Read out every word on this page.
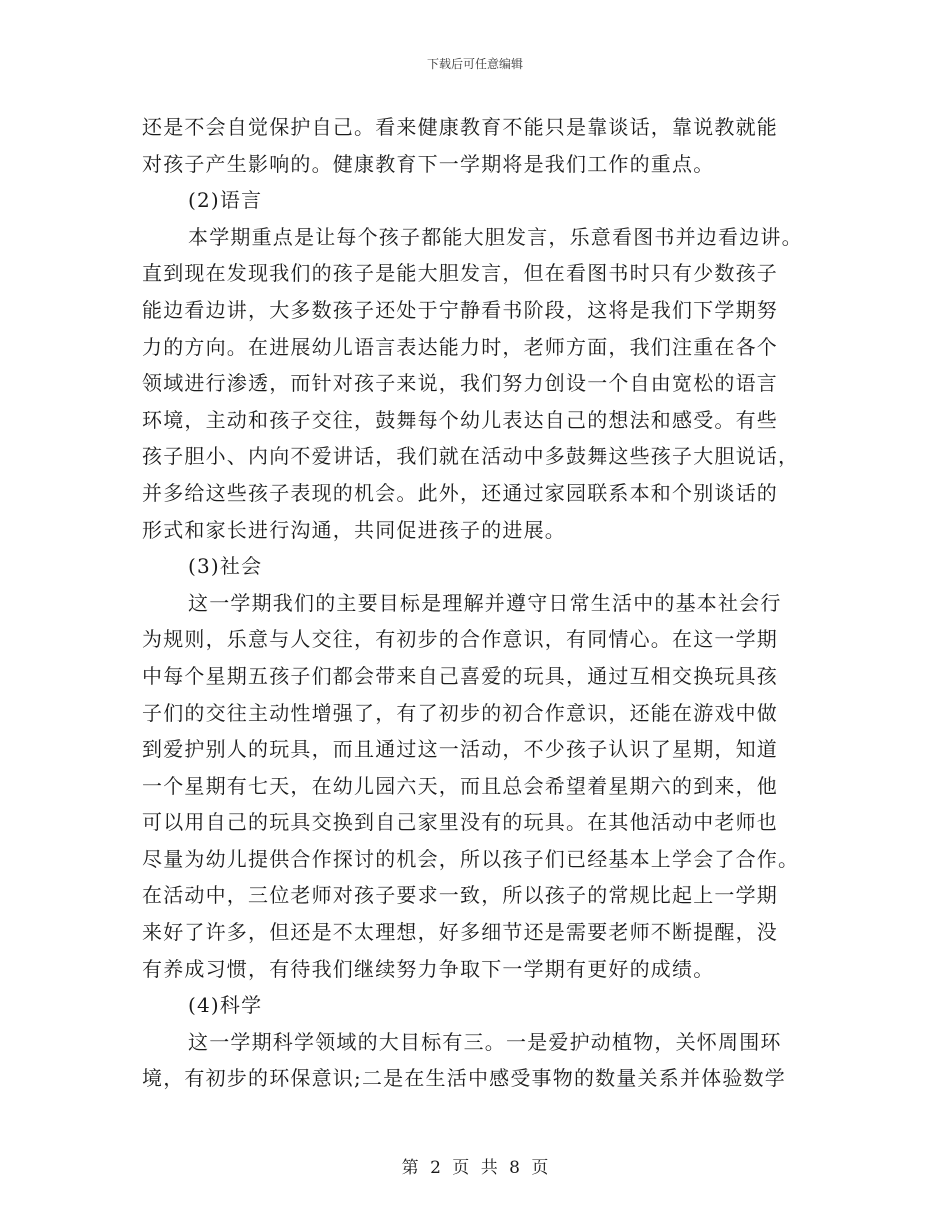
下载后可任意编辑
还是不会自觉保护自己。看来健康教育不能只是靠谈话，靠说教就能
对孩子产生影响的。健康教育下一学期将是我们工作的重点。
(2)语言
本学期重点是让每个孩子都能大胆发言，乐意看图书并边看边讲。
直到现在发现我们的孩子是能大胆发言，但在看图书时只有少数孩子
能边看边讲，大多数孩子还处于宁静看书阶段，这将是我们下学期努
力的方向。在进展幼儿语言表达能力时，老师方面，我们注重在各个
领域进行渗透，而针对孩子来说，我们努力创设一个自由宽松的语言
环境，主动和孩子交往，鼓舞每个幼儿表达自己的想法和感受。有些
孩子胆小、内向不爱讲话，我们就在活动中多鼓舞这些孩子大胆说话，
并多给这些孩子表现的机会。此外，还通过家园联系本和个别谈话的
形式和家长进行沟通，共同促进孩子的进展。
(3)社会
这一学期我们的主要目标是理解并遵守日常生活中的基本社会行
为规则，乐意与人交往，有初步的合作意识，有同情心。在这一学期
中每个星期五孩子们都会带来自己喜爱的玩具，通过互相交换玩具孩
子们的交往主动性增强了，有了初步的初合作意识，还能在游戏中做
到爱护别人的玩具，而且通过这一活动，不少孩子认识了星期，知道
一个星期有七天，在幼儿园六天，而且总会希望着星期六的到来，他
可以用自己的玩具交换到自己家里没有的玩具。在其他活动中老师也
尽量为幼儿提供合作探讨的机会，所以孩子们已经基本上学会了合作。
在活动中，三位老师对孩子要求一致，所以孩子的常规比起上一学期
来好了许多，但还是不太理想，好多细节还是需要老师不断提醒，没
有养成习惯，有待我们继续努力争取下一学期有更好的成绩。
(4)科学
这一学期科学领域的大目标有三。一是爱护动植物，关怀周围环
境，有初步的环保意识;二是在生活中感受事物的数量关系并体验数学
第 2 页 共 8 页
